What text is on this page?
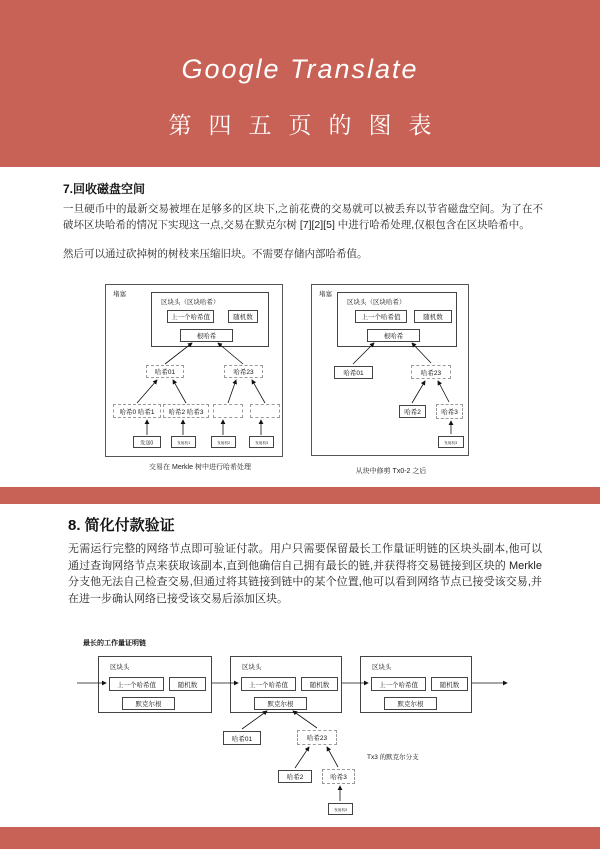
Google Translate
第四五页的图表
7.回收磁盘空间
一旦硬币中的最新交易被埋在足够多的区块下,之前花费的交易就可以被丢弃以节省磁盘空间。为了在不破坏区块哈希的情况下实现这一点,交易在默克尔树 [7][2][5] 中进行哈希处理,仅根包含在区块哈希中。
然后可以通过砍掉树的树枝来压缩旧块。不需要存储内部哈希值。
堵塞
区块头（区块哈希）
上一个哈希值	随机数
根哈希
哈希01	哈希23
哈希0 哈希1	哈希2 哈希3
发送0	发射机1	发射机2	发射机3
堵塞
区块头（区块哈希）
上一个哈希值	随机数
根哈希
哈希01	哈希23
哈希2	哈希3
发射机3
交易在 Merkle 树中进行哈希处理
从块中修剪 Tx0-2 之后
8. 简化付款验证
无需运行完整的网络节点即可验证付款。用户只需要保留最长工作量证明链的区块头副本,他可以通过查询网络节点来获取该副本,直到他确信自己拥有最长的链,并获得将交易链接到区块的 Merkle 分支他无法自己检查交易,但通过将其链接到链中的某个位置,他可以看到网络节点已接受该交易,并在进一步确认网络已接受该交易后添加区块。
最长的工作量证明链
区块头
上一个哈希值	随机数
默克尔根
区块头
上一个哈希值	随机数
默克尔根
区块头
上一个哈希值	随机数
默克尔根
哈希01	哈希23
哈希2	哈希3
发射机3
Tx3 的默克尔分支
